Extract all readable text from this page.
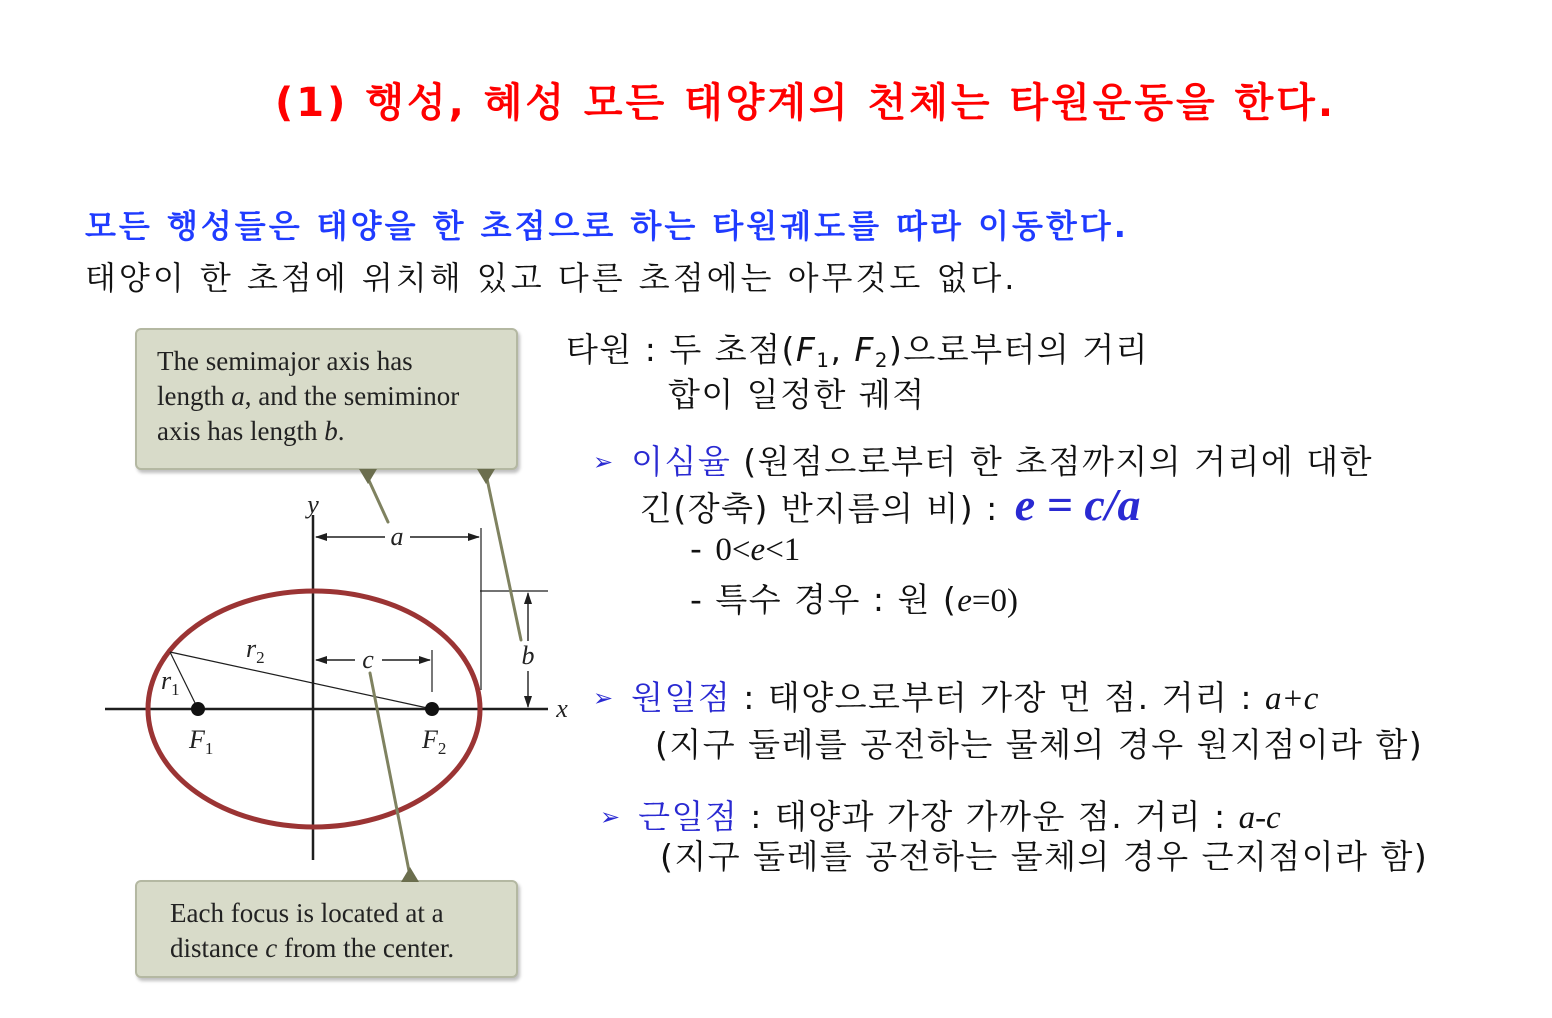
(1) 행성, 혜성 모든 태양계의 천체는 타원운동을 한다.
모든 행성들은 태양을 한 초점으로 하는 타원궤도를 따라 이동한다.
태양이 한 초점에 위치해 있고 다른 초점에는 아무것도 없다.
y
x
a
b
c
$r_2$
$r_1$
$F_1$	$F_2$
The semimajor axis has
length a, and the semiminor
axis has length b.
Each focus is located at a
distance c from the center.
타원 : 두 초점(F1, F2)으로부터의 거리
합이 일정한 궤적
➢ 이심율 (원점으로부터 한 초점까지의 거리에 대한
긴(장축) 반지름의 비) : e = c/a
- 0<e<1
- 특수 경우 : 원 (e=0)
➢ 원일점 : 태양으로부터 가장 먼 점. 거리 : a+c
(지구 둘레를 공전하는 물체의 경우 원지점이라 함)
➢ 근일점 : 태양과 가장 가까운 점. 거리 : a-c
(지구 둘레를 공전하는 물체의 경우 근지점이라 함)
